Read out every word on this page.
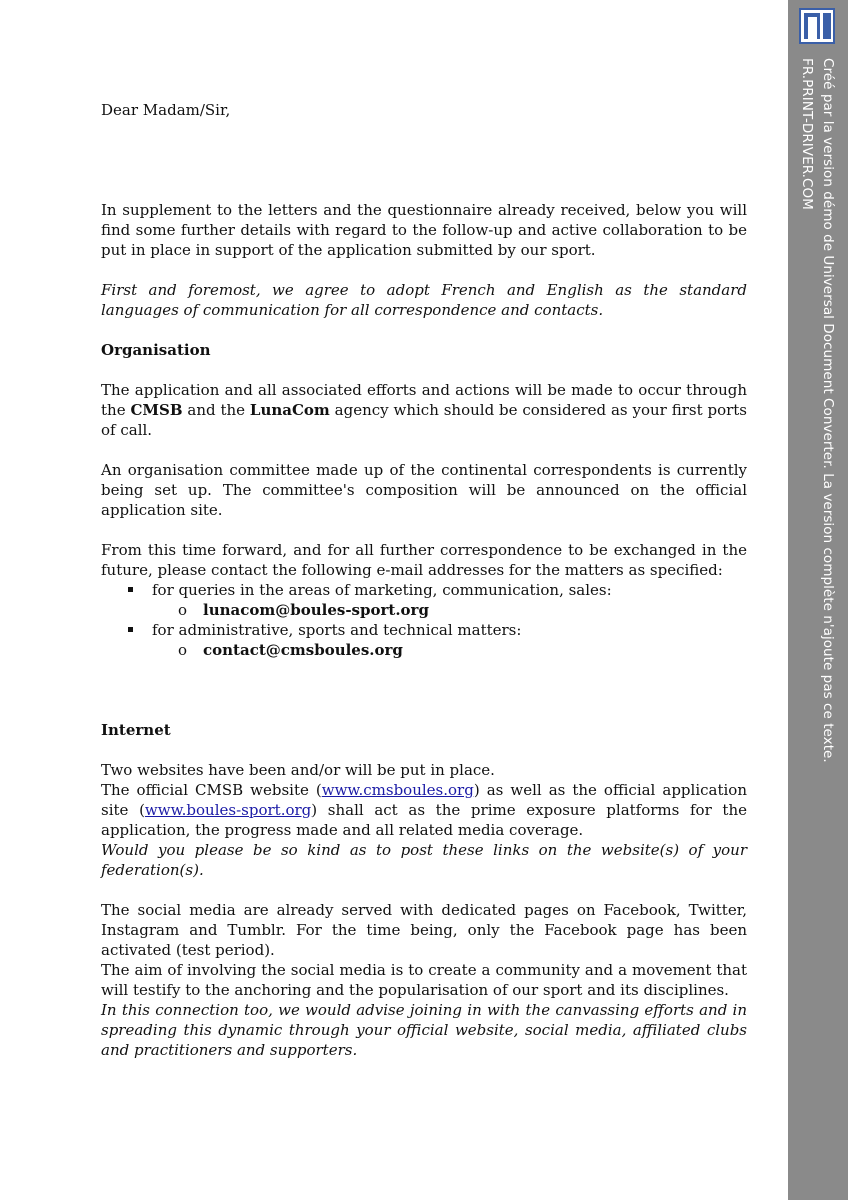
Dear Madam/Sir,

In supplement to the letters and the questionnaire already received, below you will find some further details with regard to the follow-up and active collaboration to be put in place in support of the application submitted by our sport.

First and foremost, we agree to adopt French and English as the standard languages of communication for all correspondence and contacts.

Organisation

The application and all associated efforts and actions will be made to occur through the CMSB and the LunaCom agency which should be considered as your first ports of call.

An organisation committee made up of the continental correspondents is currently being set up. The committee's composition will be announced on the official application site.

From this time forward, and for all further correspondence to be exchanged in the future, please contact the following e-mail addresses for the matters as specified:

for queries in the areas of marketing, communication, sales:
o lunacom@boules-sport.org
for administrative, sports and technical matters:
o contact@cmsboules.org

Internet

Two websites have been and/or will be put in place.

The official CMSB website (www.cmsboules.org) as well as the official application site (www.boules-sport.org) shall act as the prime exposure platforms for the application, the progress made and all related media coverage.

Would you please be so kind as to post these links on the website(s) of your federation(s).

The social media are already served with dedicated pages on Facebook, Twitter, Instagram and Tumblr. For the time being, only the Facebook page has been activated (test period).

The aim of involving the social media is to create a community and a movement that will testify to the anchoring and the popularisation of our sport and its disciplines.

In this connection too, we would advise joining in with the canvassing efforts and in spreading this dynamic through your official website, social media, affiliated clubs and practitioners and supporters.

Créé par la version démo de Universal Document Converter. La version complète n'ajoute pas ce texte.
FR.PRINT-DRIVER.COM
